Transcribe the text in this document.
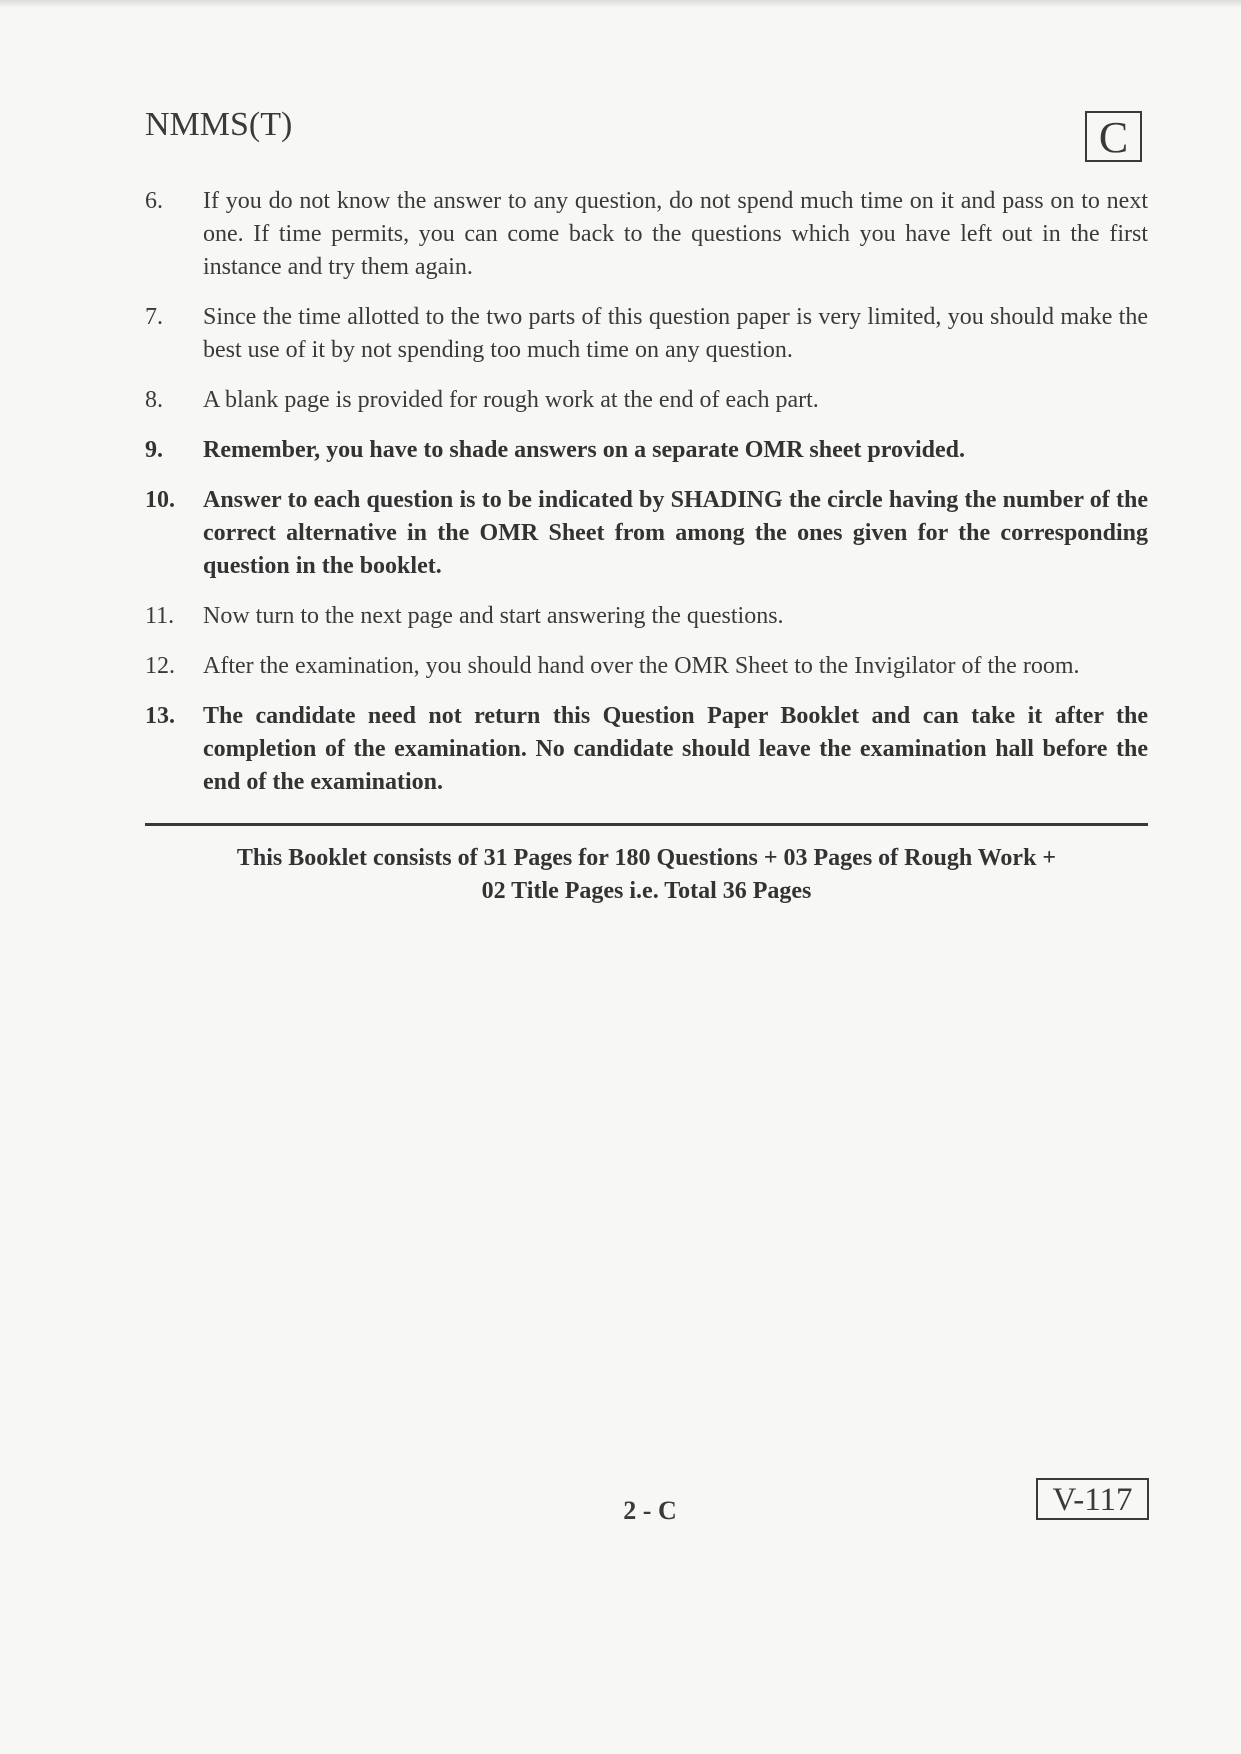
NMMS(T)	C
6.	If you do not know the answer to any question, do not spend much time on it and pass on to next one. If time permits, you can come back to the questions which you have left out in the first instance and try them again.
7.	Since the time allotted to the two parts of this question paper is very limited, you should make the best use of it by not spending too much time on any question.
8.	A blank page is provided for rough work at the end of each part.
9.	Remember, you have to shade answers on a separate OMR sheet provided.
10.	Answer to each question is to be indicated by SHADING the circle having the number of the correct alternative in the OMR Sheet from among the ones given for the corresponding question in the booklet.
11.	Now turn to the next page and start answering the questions.
12.	After the examination, you should hand over the OMR Sheet to the Invigilator of the room.
13.	The candidate need not return this Question Paper Booklet and can take it after the completion of the examination. No candidate should leave the examination hall before the end of the examination.
This Booklet consists of 31 Pages for 180 Questions + 03 Pages of Rough Work +
02 Title Pages i.e. Total 36 Pages
2 - C	V-117
